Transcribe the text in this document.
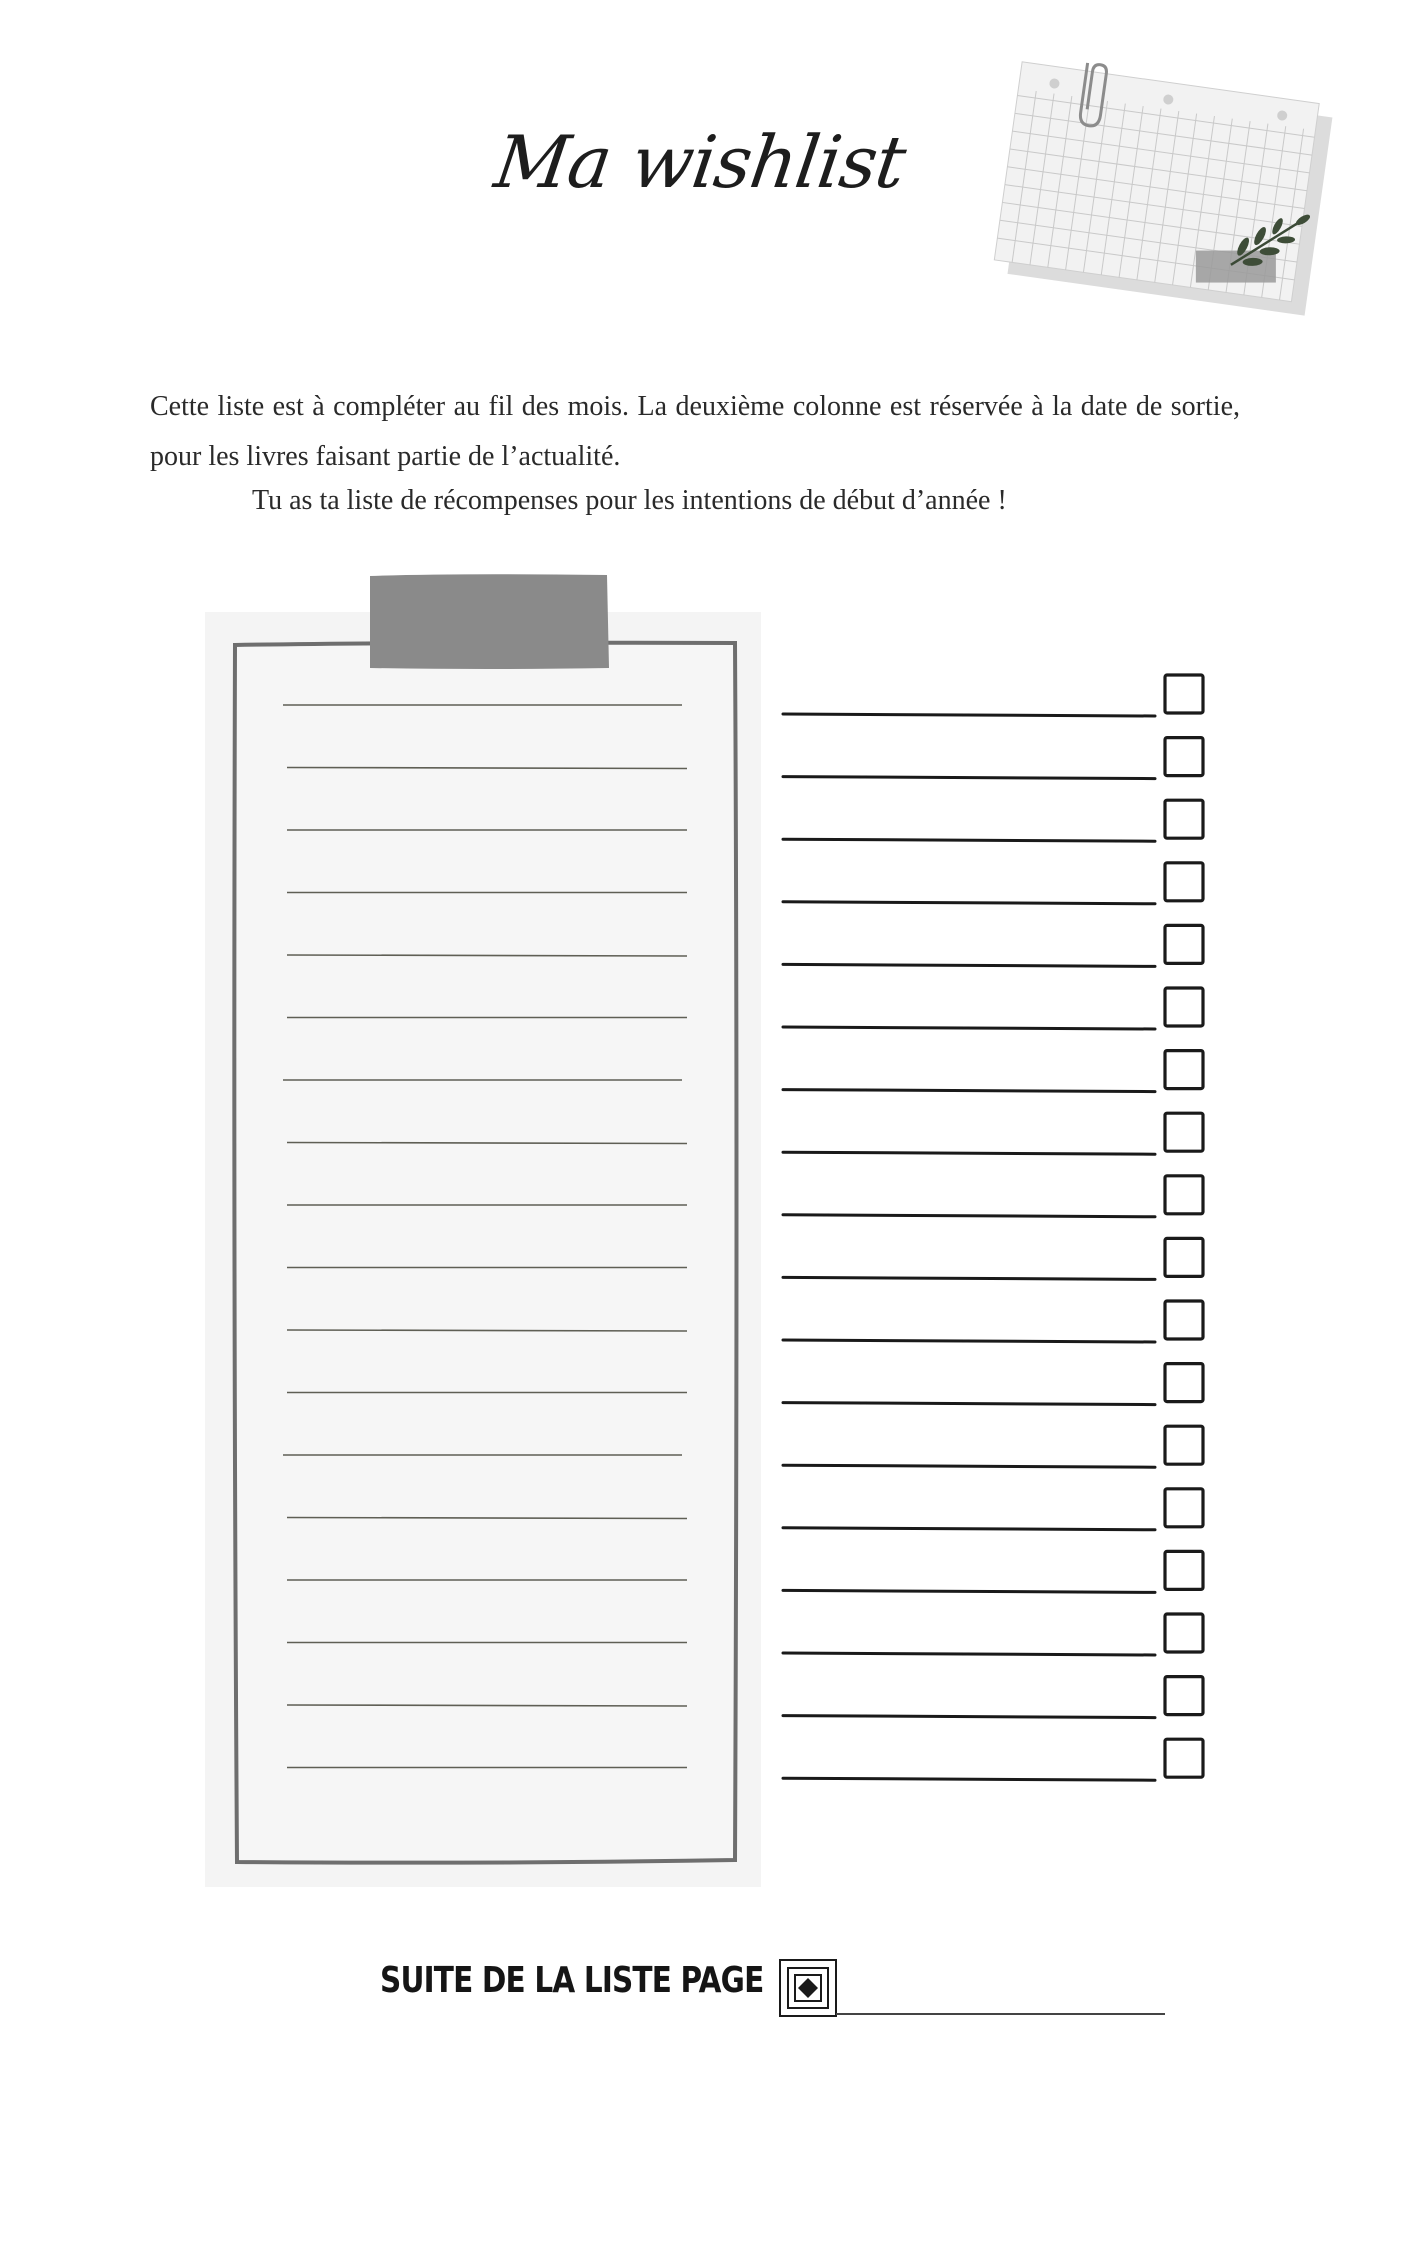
Ma wishlist

Cette liste est à compléter au fil des mois. La deuxième colonne est réservée à la date de sortie, pour les livres faisant partie de l’actualité.

Tu as ta liste de récompenses pour les intentions de début d’année !

SUITE DE LA LISTE PAGE
